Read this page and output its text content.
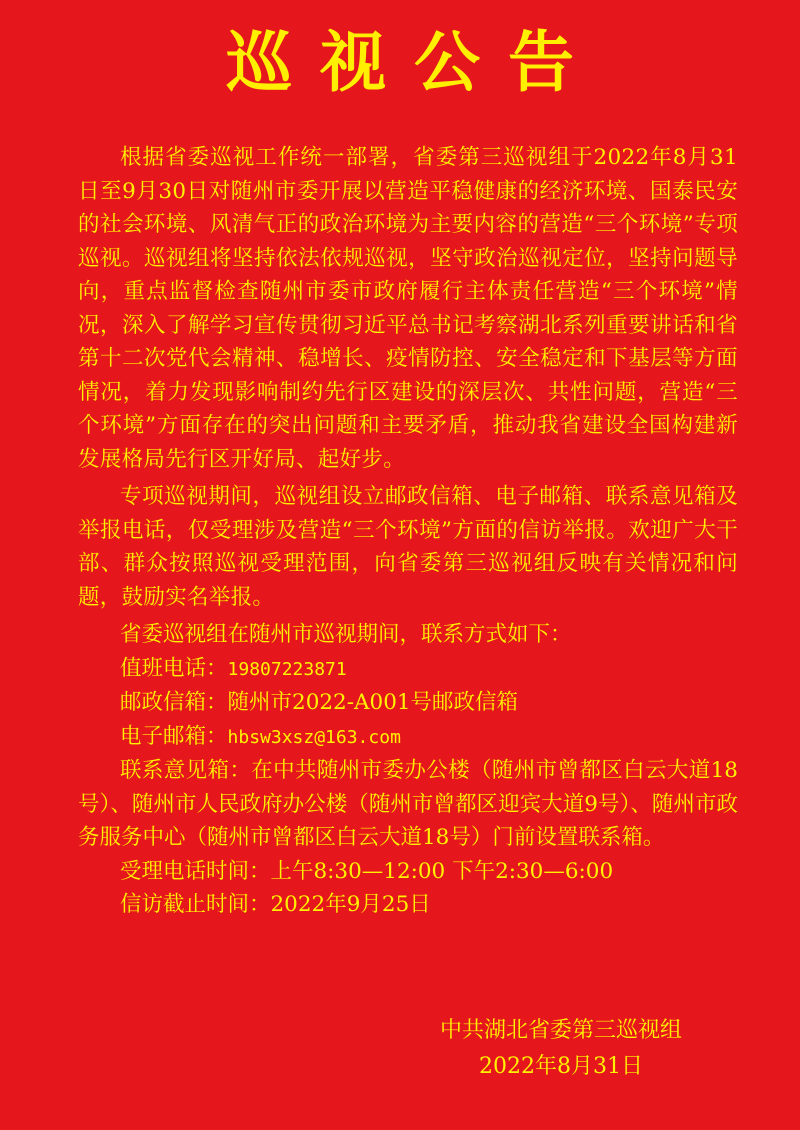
巡视公告

根据省委巡视工作统一部署，省委第三巡视组于2022年8月31日至9月30日对随州市委开展以营造平稳健康的经济环境、国泰民安的社会环境、风清气正的政治环境为主要内容的营造“三个环境”专项巡视。巡视组将坚持依法依规巡视，坚守政治巡视定位，坚持问题导向，重点监督检查随州市委市政府履行主体责任营造“三个环境”情况，深入了解学习宣传贯彻习近平总书记考察湖北系列重要讲话和省第十二次党代会精神、稳增长、疫情防控、安全稳定和下基层等方面情况，着力发现影响制约先行区建设的深层次、共性问题，营造“三个环境”方面存在的突出问题和主要矛盾，推动我省建设全国构建新发展格局先行区开好局、起好步。

专项巡视期间，巡视组设立邮政信箱、电子邮箱、联系意见箱及举报电话，仅受理涉及营造“三个环境”方面的信访举报。欢迎广大干部、群众按照巡视受理范围，向省委第三巡视组反映有关情况和问题，鼓励实名举报。

省委巡视组在随州市巡视期间，联系方式如下：

值班电话：19807223871

邮政信箱：随州市2022-A001号邮政信箱

电子邮箱：hbsw3xsz@163.com

联系意见箱：在中共随州市委办公楼（随州市曾都区白云大道18号）、随州市人民政府办公楼（随州市曾都区迎宾大道9号）、随州市政务服务中心（随州市曾都区白云大道18号）门前设置联系箱。

受理电话时间：上午8:30—12:00 下午2:30—6:00

信访截止时间：2022年9月25日

中共湖北省委第三巡视组
2022年8月31日
